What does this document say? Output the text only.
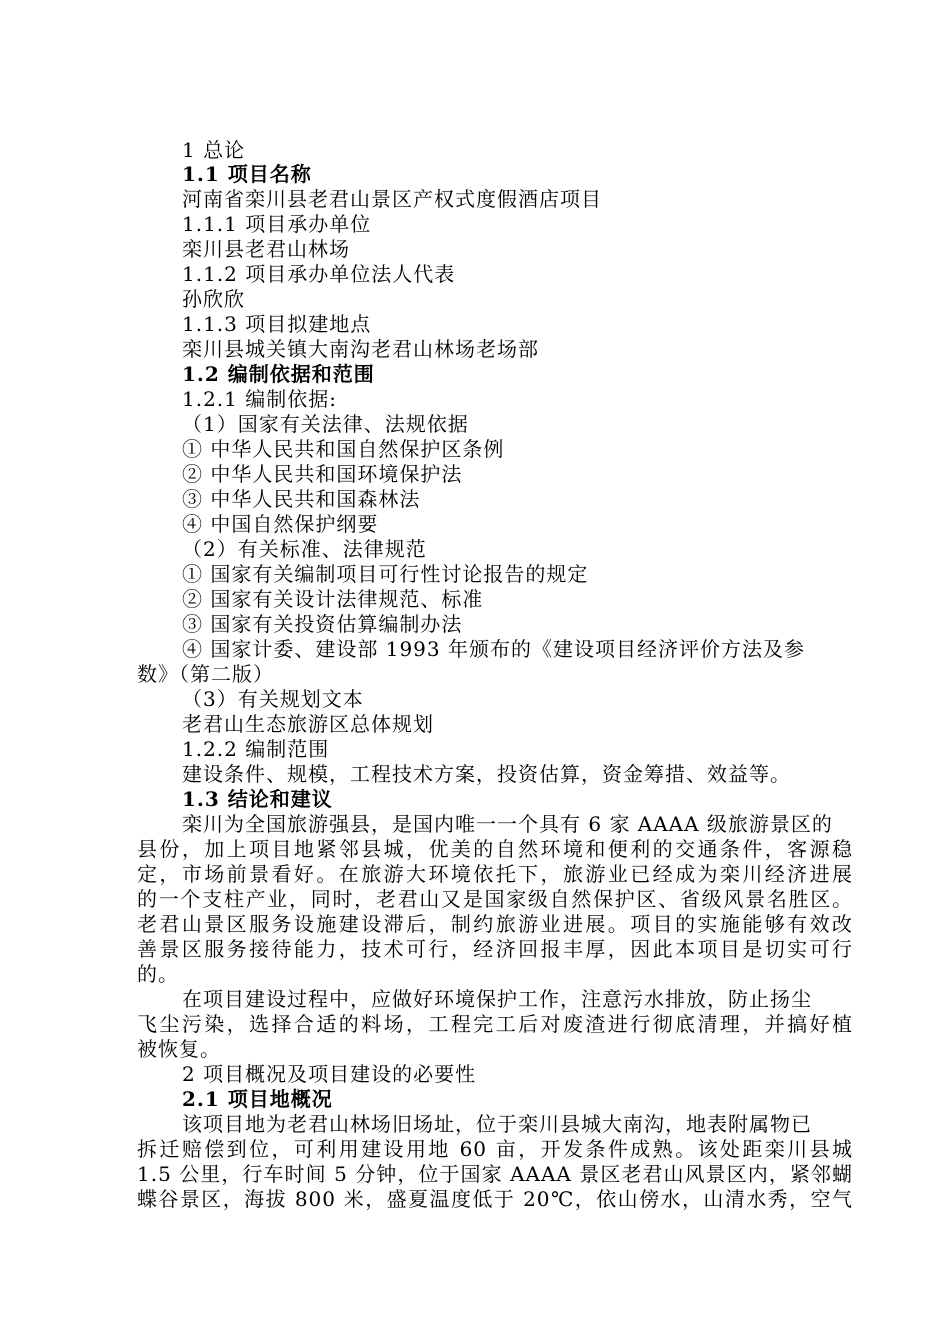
1 总论
1.1 项目名称
河南省栾川县老君山景区产权式度假酒店项目
1.1.1 项目承办单位
栾川县老君山林场
1.1.2 项目承办单位法人代表
孙欣欣
1.1.3 项目拟建地点
栾川县城关镇大南沟老君山林场老场部
1.2 编制依据和范围
1.2.1 编制依据:
（1）国家有关法律、法规依据
① 中华人民共和国自然保护区条例
② 中华人民共和国环境保护法
③ 中华人民共和国森林法
④ 中国自然保护纲要
（2）有关标准、法律规范
① 国家有关编制项目可行性讨论报告的规定
② 国家有关设计法律规范、标准
③ 国家有关投资估算编制办法
④ 国家计委、建设部 1993 年颁布的《建设项目经济评价方法及参
数》（第二版）
（3）有关规划文本
老君山生态旅游区总体规划
1.2.2 编制范围
建设条件、规模，工程技术方案，投资估算，资金筹措、效益等。
1.3 结论和建议
栾川为全国旅游强县，是国内唯一一个具有 6 家 AAAA 级旅游景区的
县份，加上项目地紧邻县城，优美的自然环境和便利的交通条件，客源稳
定，市场前景看好。在旅游大环境依托下，旅游业已经成为栾川经济进展
的一个支柱产业，同时，老君山又是国家级自然保护区、省级风景名胜区。
老君山景区服务设施建设滞后，制约旅游业进展。项目的实施能够有效改
善景区服务接待能力，技术可行，经济回报丰厚，因此本项目是切实可行
的。
在项目建设过程中，应做好环境保护工作，注意污水排放，防止扬尘
飞尘污染，选择合适的料场，工程完工后对废渣进行彻底清理，并搞好植
被恢复。
2 项目概况及项目建设的必要性
2.1 项目地概况
该项目地为老君山林场旧场址，位于栾川县城大南沟，地表附属物已
拆迁赔偿到位，可利用建设用地 60 亩，开发条件成熟。该处距栾川县城
1.5 公里，行车时间 5 分钟，位于国家 AAAA 景区老君山风景区内，紧邻蝴
蝶谷景区，海拔 800 米，盛夏温度低于 20℃，依山傍水，山清水秀，空气
